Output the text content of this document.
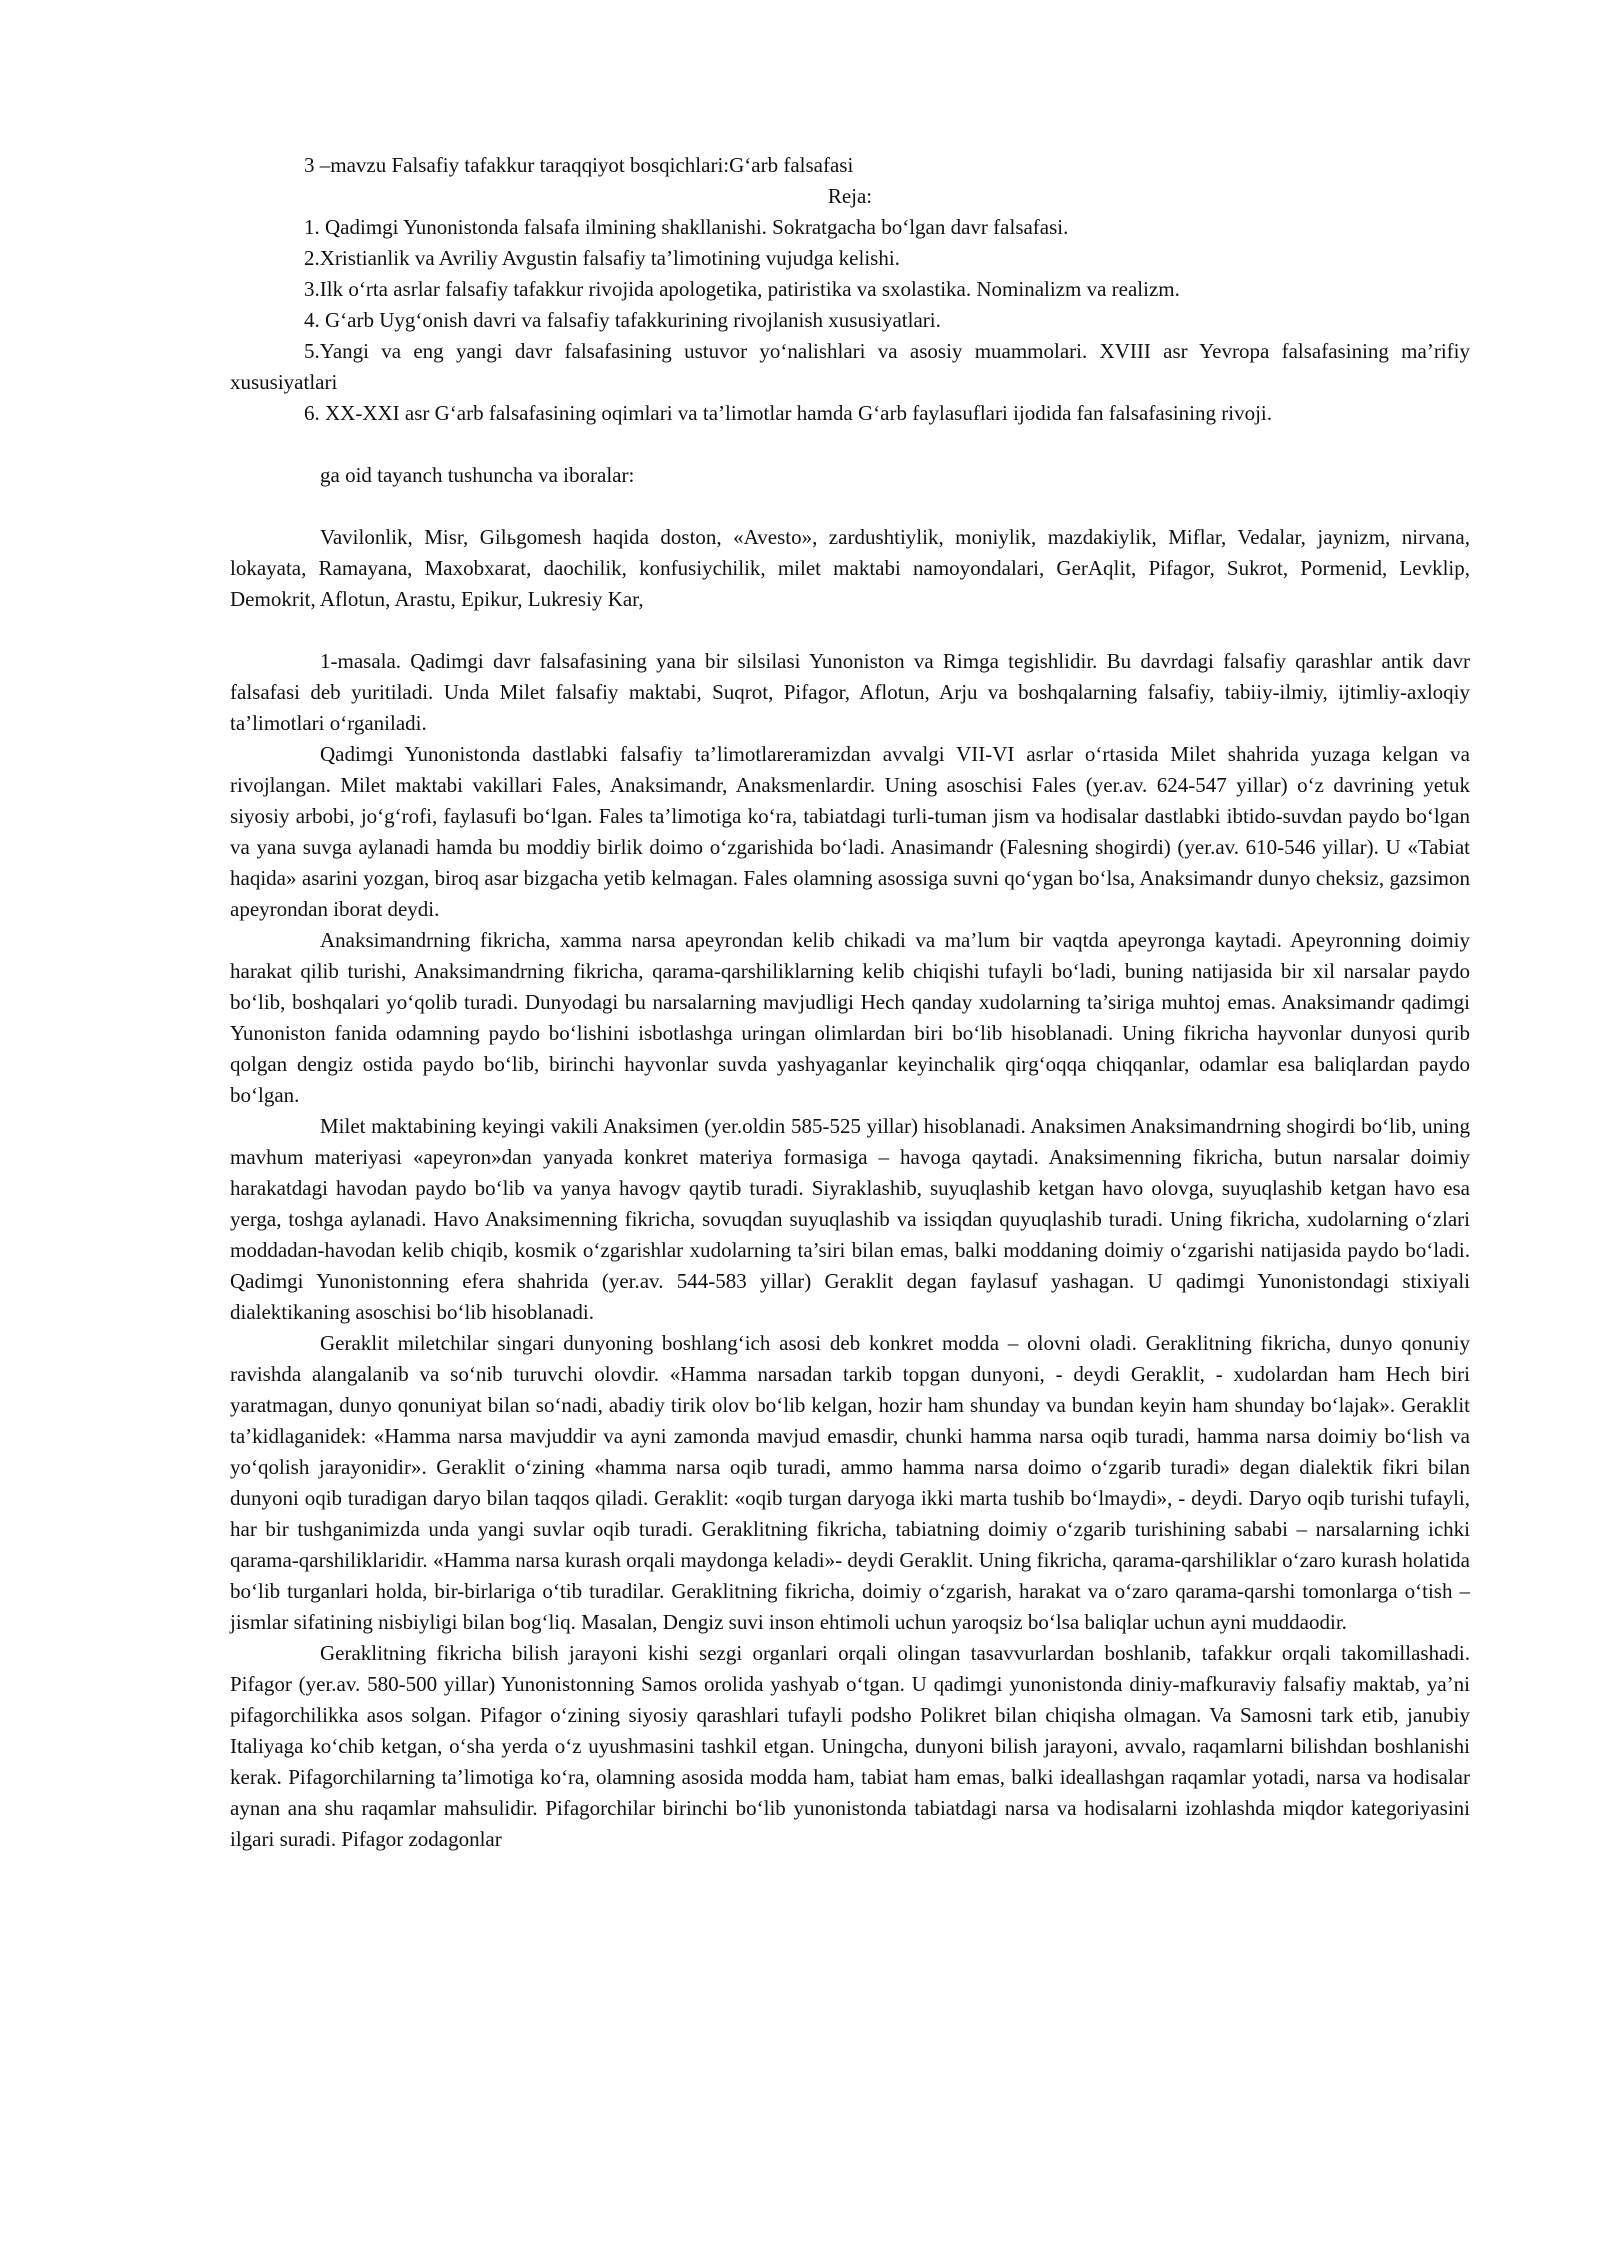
3 –mavzu Falsafiy tafakkur taraqqiyot bosqichlari:G‘arb falsafasi

Reja:

1. Qadimgi Yunonistonda falsafa ilmining shakllanishi. Sokratgacha bo‘lgan davr falsafasi.

2.Xristianlik va Avriliy Avgustin falsafiy ta’limotining vujudga kelishi.

3.Ilk o‘rta asrlar falsafiy tafakkur rivojida apologetika, patiristika va sxolastika. Nominalizm va realizm.

4. G‘arb Uyg‘onish davri va falsafiy tafakkurining rivojlanish xususiyatlari.

5.Yangi va eng yangi davr falsafasining ustuvor yo‘nalishlari va asosiy muammolari. XVIII asr Yevropa falsafasining ma’rifiy xususiyatlari

6. XX-XXI asr G‘arb falsafasining oqimlari va ta’limotlar hamda G‘arb faylasuflari ijodida fan falsafasining rivoji.

ga oid tayanch tushuncha va iboralar:

Vavilonlik, Misr, Gilьgomesh haqida doston, «Avesto», zardushtiylik, moniylik, mazdakiylik, Miflar, Vedalar, jaynizm, nirvana, lokayata, Ramayana, Maxobxarat, daochilik, konfusiychilik, milet maktabi namoyondalari, GerAqlit, Pifagor, Sukrot, Pormenid, Levklip, Demokrit, Aflotun, Arastu, Epikur, Lukresiy Kar,

1-masala. Qadimgi davr falsafasining yana bir silsilasi Yunoniston va Rimga tegishlidir. Bu davrdagi falsafiy qarashlar antik davr falsafasi deb yuritiladi. Unda Milet falsafiy maktabi, Suqrot, Pifagor, Aflotun, Arju va boshqalarning falsafiy, tabiiy-ilmiy, ijtimliy-axloqiy ta’limotlari o‘rganiladi.

Qadimgi Yunonistonda dastlabki falsafiy ta’limotlareramizdan avvalgi VII-VI asrlar o‘rtasida Milet shahrida yuzaga kelgan va rivojlangan. Milet maktabi vakillari Fales, Anaksimandr, Anaksmenlardir. Uning asoschisi Fales (yer.av. 624-547 yillar) o‘z davrining yetuk siyosiy arbobi, jo‘g‘rofi, faylasufi bo‘lgan. Fales ta’limotiga ko‘ra, tabiatdagi turli-tuman jism va hodisalar dastlabki ibtido-suvdan paydo bo‘lgan va yana suvga aylanadi hamda bu moddiy birlik doimo o‘zgarishida bo‘ladi. Anasimandr (Falesning shogirdi) (yer.av. 610-546 yillar). U «Tabiat haqida» asarini yozgan, biroq asar bizgacha yetib kelmagan. Fales olamning asossiga suvni qo‘ygan bo‘lsa, Anaksimandr dunyo cheksiz, gazsimon apeyrondan iborat deydi.

Anaksimandrning fikricha, xamma narsa apeyrondan kelib chikadi va ma’lum bir vaqtda apeyronga kaytadi. Apeyronning doimiy harakat qilib turishi, Anaksimandrning fikricha, qarama-qarshiliklarning kelib chiqishi tufayli bo‘ladi, buning natijasida bir xil narsalar paydo bo‘lib, boshqalari yo‘qolib turadi. Dunyodagi bu narsalarning mavjudligi Hech qanday xudolarning ta’siriga muhtoj emas. Anaksimandr qadimgi Yunoniston fanida odamning paydo bo‘lishini isbotlashga uringan olimlardan biri bo‘lib hisoblanadi. Uning fikricha hayvonlar dunyosi qurib qolgan dengiz ostida paydo bo‘lib, birinchi hayvonlar suvda yashyaganlar keyinchalik qirg‘oqqa chiqqanlar, odamlar esa baliqlardan paydo bo‘lgan.

Milet maktabining keyingi vakili Anaksimen (yer.oldin 585-525 yillar) hisoblanadi. Anaksimen Anaksimandrning shogirdi bo‘lib, uning mavhum materiyasi «apeyron»dan yanyada konkret materiya formasiga – havoga qaytadi. Anaksimenning fikricha, butun narsalar doimiy harakatdagi havodan paydo bo‘lib va yanya havogv qaytib turadi. Siyraklashib, suyuqlashib ketgan havo olovga, suyuqlashib ketgan havo esa yerga, toshga aylanadi. Havo Anaksimenning fikricha, sovuqdan suyuqlashib va issiqdan quyuqlashib turadi. Uning fikricha, xudolarning o‘zlari moddadan-havodan kelib chiqib, kosmik o‘zgarishlar xudolarning ta’siri bilan emas, balki moddaning doimiy o‘zgarishi natijasida paydo bo‘ladi. Qadimgi Yunonistonning efera shahrida (yer.av. 544-583 yillar) Geraklit degan faylasuf yashagan. U qadimgi Yunonistondagi stixiyali dialektikaning asoschisi bo‘lib hisoblanadi.

Geraklit miletchilar singari dunyoning boshlang‘ich asosi deb konkret modda – olovni oladi. Geraklitning fikricha, dunyo qonuniy ravishda alangalanib va so‘nib turuvchi olovdir. «Hamma narsadan tarkib topgan dunyoni, - deydi Geraklit, - xudolardan ham Hech biri yaratmagan, dunyo qonuniyat bilan so‘nadi, abadiy tirik olov bo‘lib kelgan, hozir ham shunday va bundan keyin ham shunday bo‘lajak». Geraklit ta’kidlaganidek: «Hamma narsa mavjuddir va ayni zamonda mavjud emasdir, chunki hamma narsa oqib turadi, hamma narsa doimiy bo‘lish va yo‘qolish jarayonidir». Geraklit o‘zining «hamma narsa oqib turadi, ammo hamma narsa doimo o‘zgarib turadi» degan dialektik fikri bilan dunyoni oqib turadigan daryo bilan taqqos qiladi. Geraklit: «oqib turgan daryoga ikki marta tushib bo‘lmaydi», - deydi. Daryo oqib turishi tufayli, har bir tushganimizda unda yangi suvlar oqib turadi. Geraklitning fikricha, tabiatning doimiy o‘zgarib turishining sababi – narsalarning ichki qarama-qarshiliklaridir. «Hamma narsa kurash orqali maydonga keladi»- deydi Geraklit. Uning fikricha, qarama-qarshiliklar o‘zaro kurash holatida bo‘lib turganlari holda, bir-birlariga o‘tib turadilar. Geraklitning fikricha, doimiy o‘zgarish, harakat va o‘zaro qarama-qarshi tomonlarga o‘tish – jismlar sifatining nisbiyligi bilan bog‘liq. Masalan, Dengiz suvi inson ehtimoli uchun yaroqsiz bo‘lsa baliqlar uchun ayni muddaodir.

Geraklitning fikricha bilish jarayoni kishi sezgi organlari orqali olingan tasavvurlardan boshlanib, tafakkur orqali takomillashadi. Pifagor (yer.av. 580-500 yillar) Yunonistonning Samos orolida yashyab o‘tgan. U qadimgi yunonistonda diniy-mafkuraviy falsafiy maktab, ya’ni pifagorchilikka asos solgan. Pifagor o‘zining siyosiy qarashlari tufayli podsho Polikret bilan chiqisha olmagan. Va Samosni tark etib, janubiy Italiyaga ko‘chib ketgan, o‘sha yerda o‘z uyushmasini tashkil etgan. Uningcha, dunyoni bilish jarayoni, avvalo, raqamlarni bilishdan boshlanishi kerak. Pifagorchilarning ta’limotiga ko‘ra, olamning asosida modda ham, tabiat ham emas, balki ideallashgan raqamlar yotadi, narsa va hodisalar aynan ana shu raqamlar mahsulidir. Pifagorchilar birinchi bo‘lib yunonistonda tabiatdagi narsa va hodisalarni izohlashda miqdor kategoriyasini ilgari suradi. Pifagor zodagonlar
